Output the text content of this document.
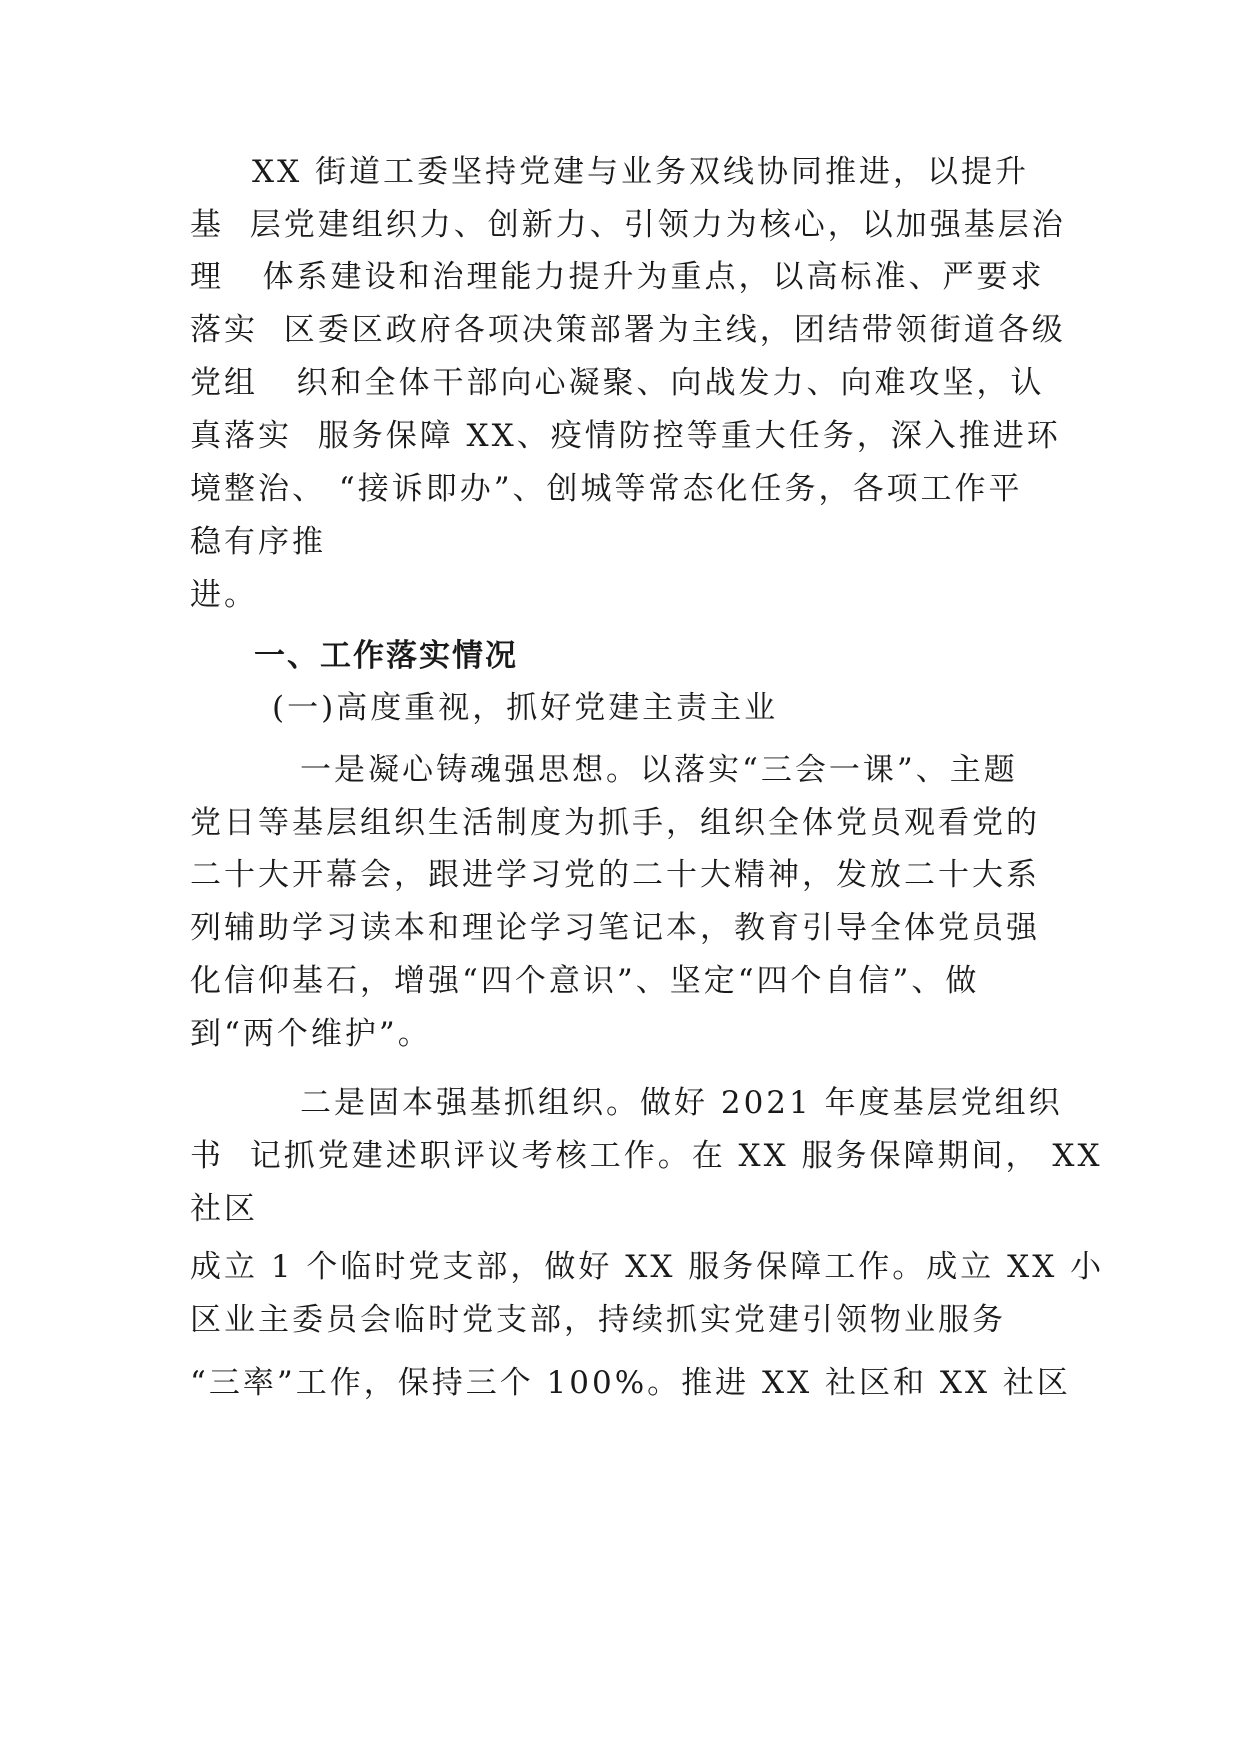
XX 街道工委坚持党建与业务双线协同推进，以提升
基  层党建组织力、创新力、引领力为核心，以加强基层治
理   体系建设和治理能力提升为重点，以高标准、严要求
落实  区委区政府各项决策部署为主线，团结带领街道各级
党组   织和全体干部向心凝聚、向战发力、向难攻坚，认
真落实  服务保障 XX、疫情防控等重大任务，深入推进环
境整治、 “接诉即办”、创城等常态化任务，各项工作平
稳有序推
进。
一、工作落实情况
(一)高度重视，抓好党建主责主业
一是凝心铸魂强思想。以落实“三会一课”、主题
党日等基层组织生活制度为抓手，组织全体党员观看党的
二十大开幕会，跟进学习党的二十大精神，发放二十大系
列辅助学习读本和理论学习笔记本，教育引导全体党员强
化信仰基石，增强“四个意识”、坚定“四个自信”、做
到“两个维护”。
二是固本强基抓组织。做好 2021 年度基层党组织
书  记抓党建述职评议考核工作。在 XX 服务保障期间， XX
社区
成立 1 个临时党支部，做好 XX 服务保障工作。成立 XX 小
区业主委员会临时党支部，持续抓实党建引领物业服务
“三率”工作，保持三个 100%。推进 XX 社区和 XX 社区
